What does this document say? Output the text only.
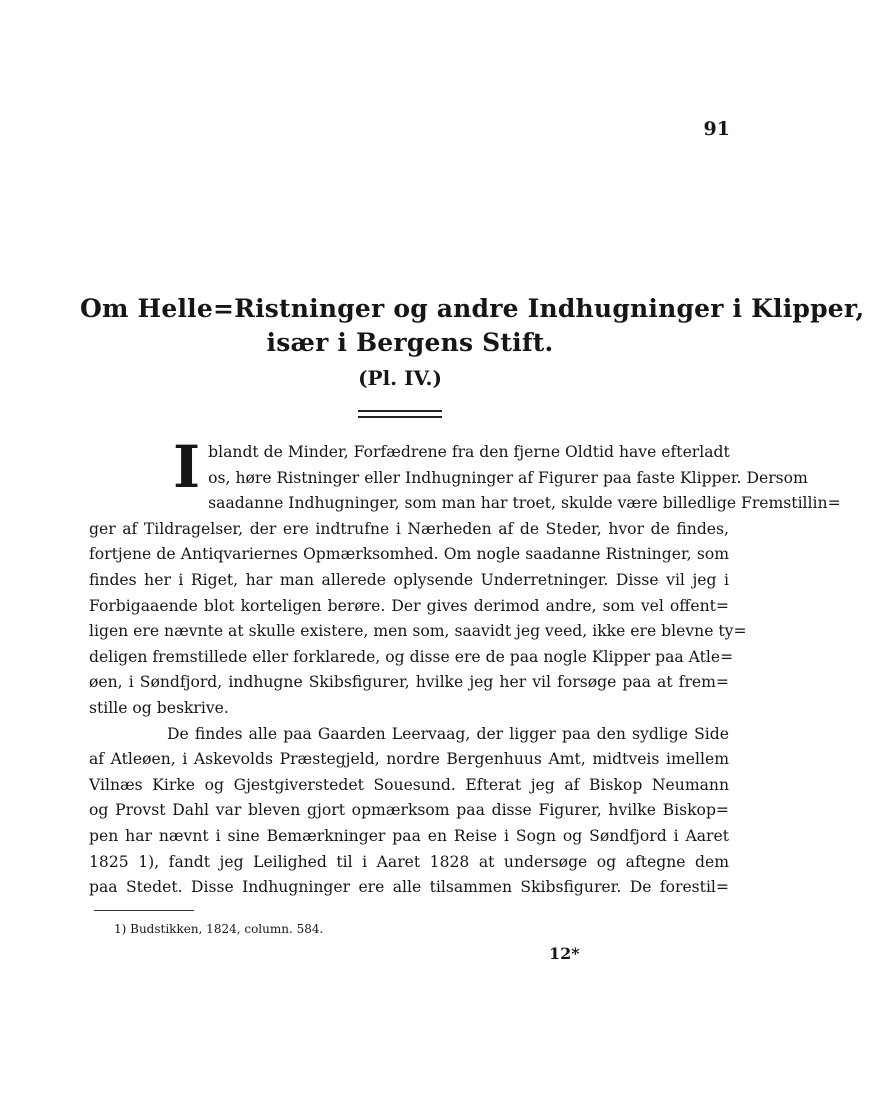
91
Om Helle=Ristninger og andre Indhugninger i Klipper,
især i Bergens Stift.
(Pl. IV.)
I blandt de Minder, Forfædrene fra den fjerne Oldtid have efterladt
os, høre Ristninger eller Indhugninger af Figurer paa faste Klipper. Dersom
saadanne Indhugninger, som man har troet, skulde være billedlige Fremstillin=
ger af Tildragelser, der ere indtrufne i Nærheden af de Steder, hvor de findes,
fortjene de Antiqvariernes Opmærksomhed. Om nogle saadanne Ristninger, som
findes her i Riget, har man allerede oplysende Underretninger. Disse vil jeg i
Forbigaaende blot korteligen berøre. Der gives derimod andre, som vel offent=
ligen ere nævnte at skulle existere, men som, saavidt jeg veed, ikke ere blevne ty=
deligen fremstillede eller forklarede, og disse ere de paa nogle Klipper paa Atle=
øen, i Søndfjord, indhugne Skibsfigurer, hvilke jeg her vil forsøge paa at frem=
stille og beskrive.
De findes alle paa Gaarden Leervaag, der ligger paa den sydlige Side
af Atleøen, i Askevolds Præstegjeld, nordre Bergenhuus Amt, midtveis imellem
Vilnæs Kirke og Gjestgiverstedet Souesund. Efterat jeg af Biskop Neumann
og Provst Dahl var bleven gjort opmærksom paa disse Figurer, hvilke Biskop=
pen har nævnt i sine Bemærkninger paa en Reise i Sogn og Søndfjord i Aaret
1825 1), fandt jeg Leilighed til i Aaret 1828 at undersøge og aftegne dem
paa Stedet. Disse Indhugninger ere alle tilsammen Skibsfigurer. De forestil=
1) Budstikken, 1824, column. 584.
12*
